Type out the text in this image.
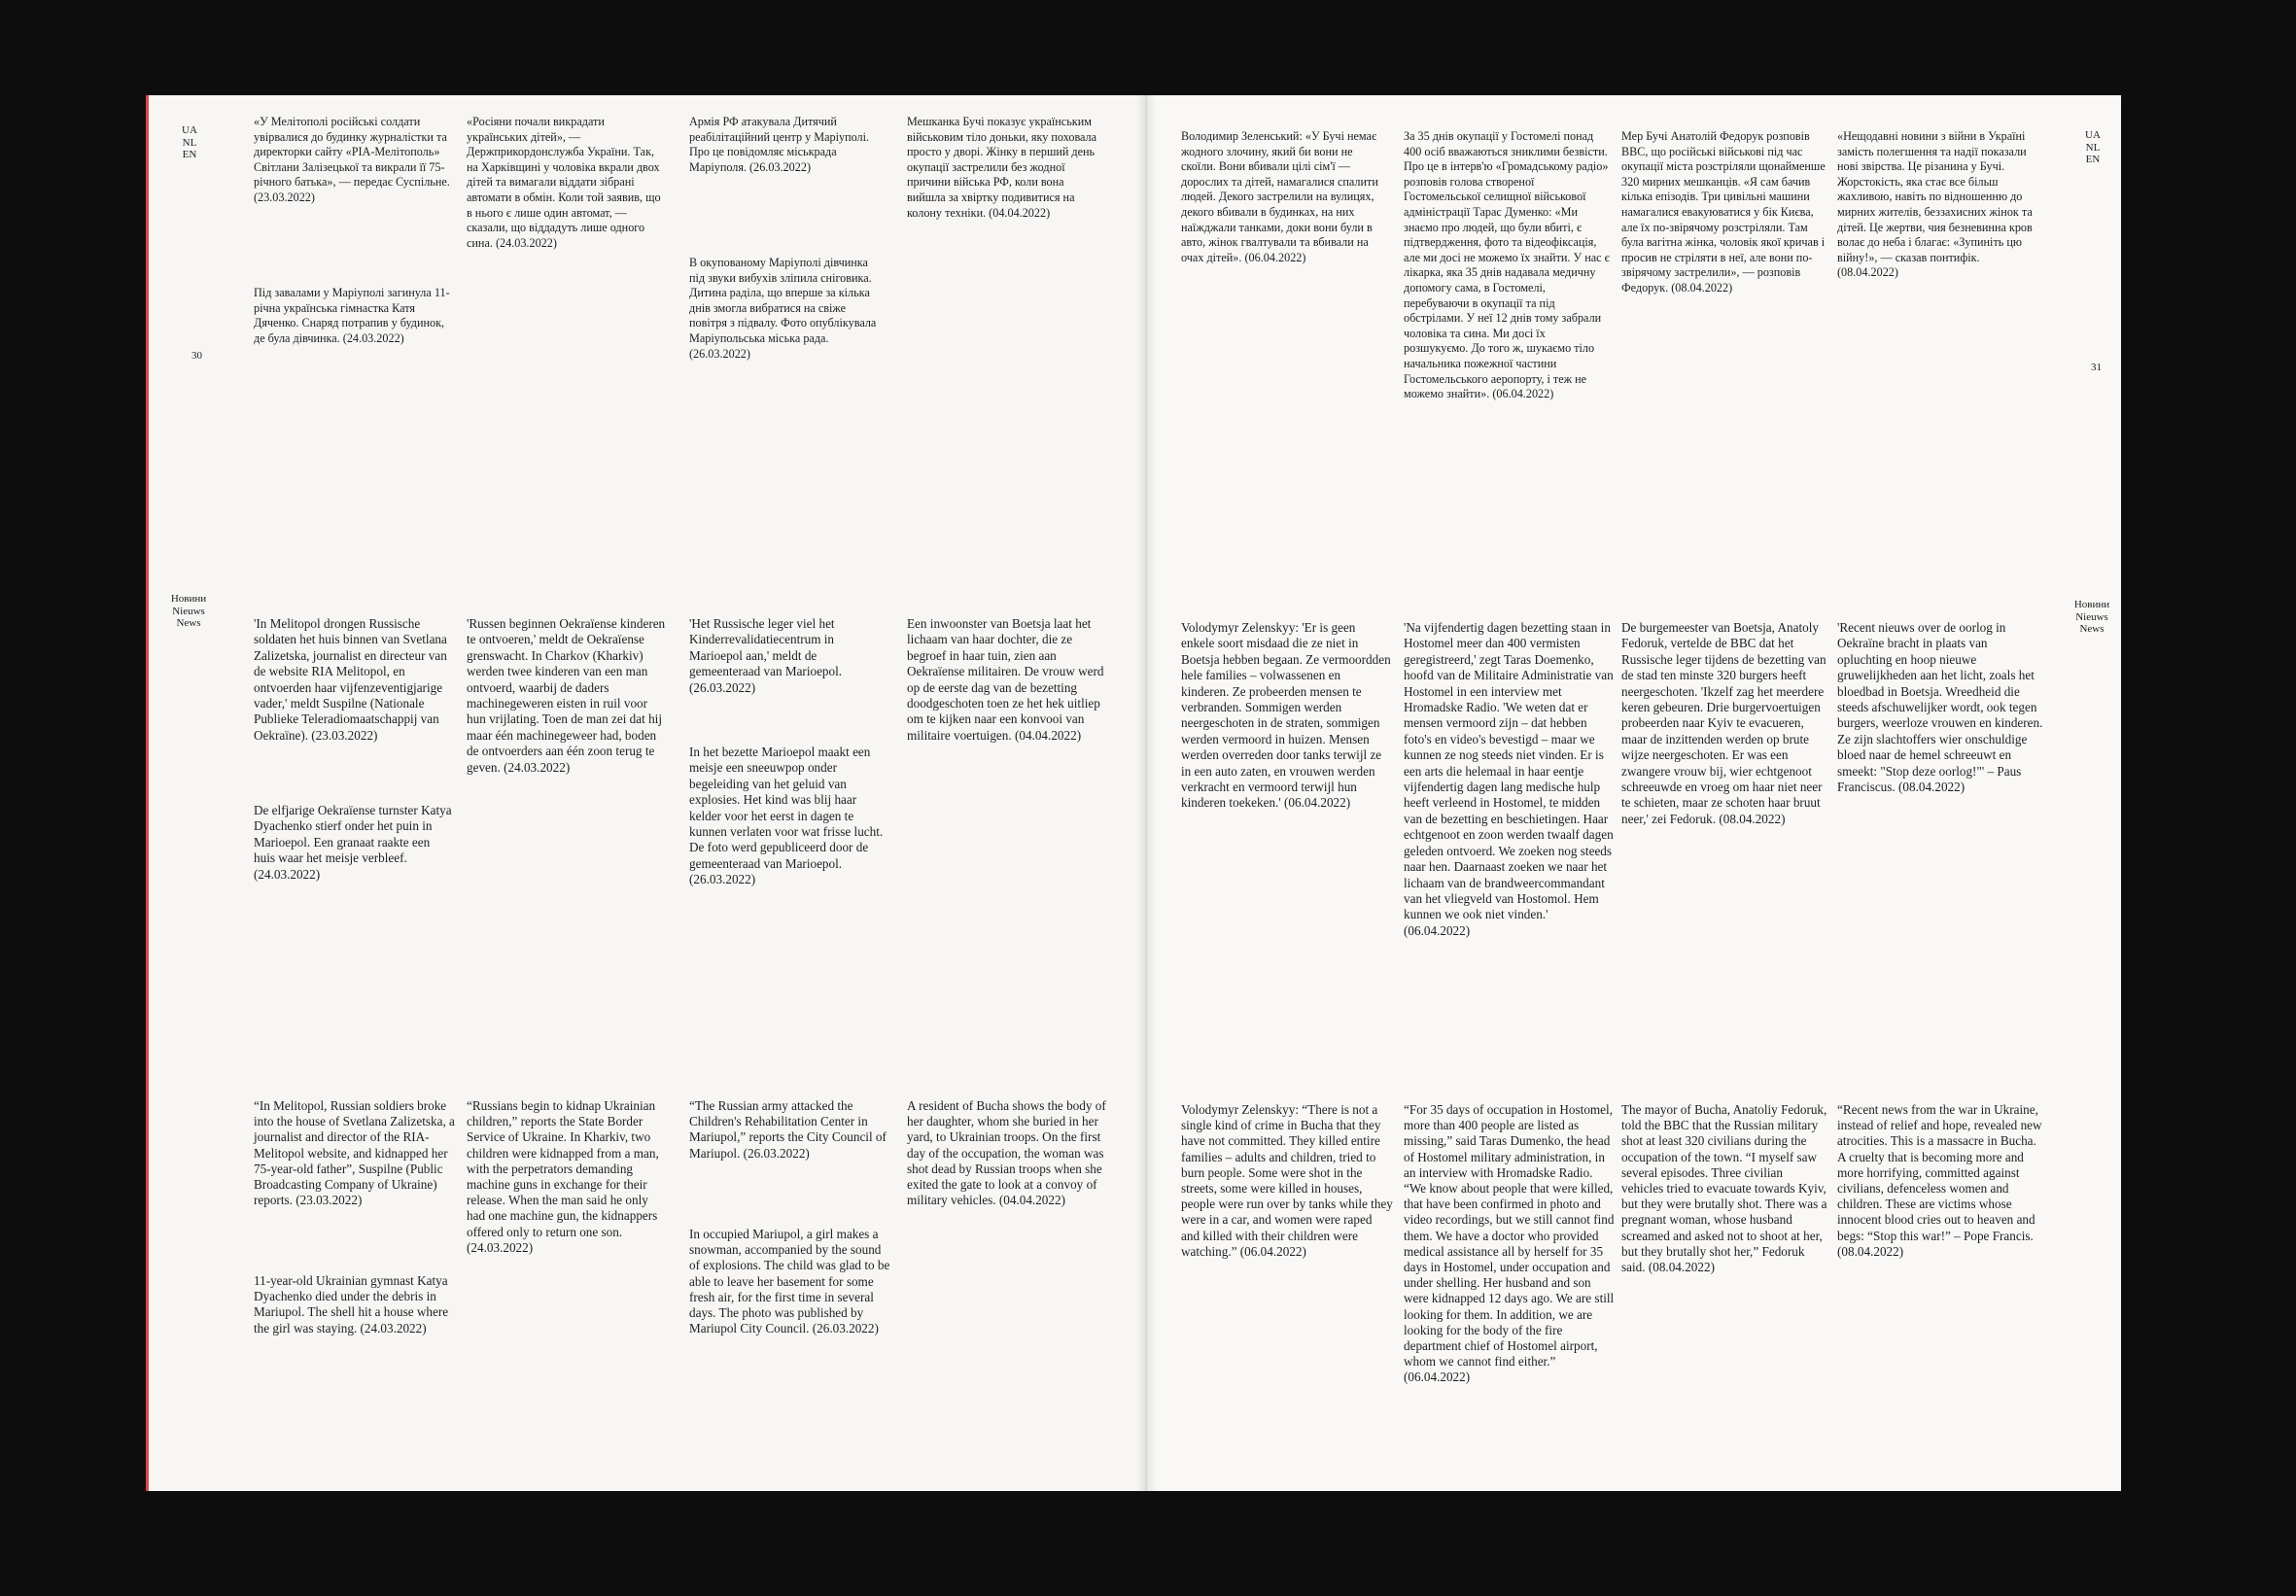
UA
NL
EN
30
Новини
Nieuws
News

«У Мелітополі російські солдати увірвалися до будинку журналістки та директорки сайту «РІА-Мелітополь» Світлани Залізецької та викрали її 75-річного батька», — передає Суспільне. (23.03.2022)

Під завалами у Маріуполі загинула 11-річна українська гімнастка Катя Дяченко. Снаряд потрапив у будинок, де була дівчинка. (24.03.2022)

«Росіяни почали викрадати українських дітей», — Держприкордонслужба України. Так, на Харківщині у чоловіка вкрали двох дітей та вимагали віддати зібрані автомати в обмін. Коли той заявив, що в нього є лише один автомат, — сказали, що віддадуть лише одного сина. (24.03.2022)

Армія РФ атакувала Дитячий реабілітаційний центр у Маріуполі. Про це повідомляє міськрада Маріуполя. (26.03.2022)

В окупованому Маріуполі дівчинка під звуки вибухів зліпила сніговика. Дитина раділа, що вперше за кілька днів змогла вибратися на свіже повітря з підвалу. Фото опублікувала Маріупольська міська рада. (26.03.2022)

Мешканка Бучі показує українським військовим тіло доньки, яку поховала просто у дворі. Жінку в перший день окупації застрелили без жодної причини війська РФ, коли вона вийшла за хвіртку подивитися на колону техніки. (04.04.2022)

'In Melitopol drongen Russische soldaten het huis binnen van Svetlana Zalizetska, journalist en directeur van de website RIA Melitopol, en ontvoerden haar vijfenzeventigjarige vader,' meldt Suspilne (Nationale Publieke Teleradiomaatschappij van Oekraïne). (23.03.2022)

De elfjarige Oekraïense turnster Katya Dyachenko stierf onder het puin in Marioepol. Een granaat raakte een huis waar het meisje verbleef. (24.03.2022)

'Russen beginnen Oekraïense kinderen te ontvoeren,' meldt de Oekraïense grenswacht. In Charkov (Kharkiv) werden twee kinderen van een man ontvoerd, waarbij de daders machinegeweren eisten in ruil voor hun vrijlating. Toen de man zei dat hij maar één machinegeweer had, boden de ontvoerders aan één zoon terug te geven. (24.03.2022)

'Het Russische leger viel het Kinderrevalidatiecentrum in Marioepol aan,' meldt de gemeenteraad van Marioepol. (26.03.2022)

In het bezette Marioepol maakt een meisje een sneeuwpop onder begeleiding van het geluid van explosies. Het kind was blij haar kelder voor het eerst in dagen te kunnen verlaten voor wat frisse lucht. De foto werd gepubliceerd door de gemeenteraad van Marioepol. (26.03.2022)

Een inwoonster van Boetsja laat het lichaam van haar dochter, die ze begroef in haar tuin, zien aan Oekraïense militairen. De vrouw werd op de eerste dag van de bezetting doodgeschoten toen ze het hek uitliep om te kijken naar een konvooi van militaire voertuigen. (04.04.2022)

“In Melitopol, Russian soldiers broke into the house of Svetlana Zalizetska, a journalist and director of the RIA-Melitopol website, and kidnapped her 75-year-old father”, Suspilne (Public Broadcasting Company of Ukraine) reports. (23.03.2022)

11-year-old Ukrainian gymnast Katya Dyachenko died under the debris in Mariupol. The shell hit a house where the girl was staying. (24.03.2022)

“Russians begin to kidnap Ukrainian children,” reports the State Border Service of Ukraine. In Kharkiv, two children were kidnapped from a man, with the perpetrators demanding machine guns in exchange for their release. When the man said he only had one machine gun, the kidnappers offered only to return one son. (24.03.2022)

“The Russian army attacked the Children's Rehabilitation Center in Mariupol,” reports the City Council of Mariupol. (26.03.2022)

In occupied Mariupol, a girl makes a snowman, accompanied by the sound of explosions. The child was glad to be able to leave her basement for some fresh air, for the first time in several days. The photo was published by Mariupol City Council. (26.03.2022)

A resident of Bucha shows the body of her daughter, whom she buried in her yard, to Ukrainian troops. On the first day of the occupation, the woman was shot dead by Russian troops when she exited the gate to look at a convoy of military vehicles. (04.04.2022)

Володимир Зеленський: «У Бучі немає жодного злочину, який би вони не скоїли. Вони вбивали цілі сім'ї — дорослих та дітей, намагалися спалити людей. Декого застрелили на вулицях, декого вбивали в будинках, на них наїжджали танками, доки вони були в авто, жінок гвалтували та вбивали на очах дітей». (06.04.2022)

За 35 днів окупації у Гостомелі понад 400 осіб вважаються зниклими безвісти. Про це в інтерв'ю «Громадському радіо» розповів голова створеної Гостомельської селищної військової адміністрації Тарас Думенко: «Ми знаємо про людей, що були вбиті, є підтвердження, фото та відеофіксація, але ми досі не можемо їх знайти. У нас є лікарка, яка 35 днів надавала медичну допомогу сама, в Гостомелі, перебуваючи в окупації та під обстрілами. У неї 12 днів тому забрали чоловіка та сина. Ми досі їх розшукуємо. До того ж, шукаємо тіло начальника пожежної частини Гостомельського аеропорту, і теж не можемо знайти». (06.04.2022)

Мер Бучі Анатолій Федорук розповів BBC, що російські військові під час окупації міста розстріляли щонайменше 320 мирних мешканців. «Я сам бачив кілька епізодів. Три цивільні машини намагалися евакуюватися у бік Києва, але їх по-звірячому розстріляли. Там була вагітна жінка, чоловік якої кричав і просив не стріляти в неї, але вони по-звірячому застрелили», — розповів Федорук. (08.04.2022)

«Нещодавні новини з війни в Україні замість полегшення та надії показали нові звірства. Це різанина у Бучі. Жорстокість, яка стає все більш жахливою, навіть по відношенню до мирних жителів, беззахисних жінок та дітей. Це жертви, чия безневинна кров волає до неба і благає: «Зупиніть цю війну!», — сказав понтифік. (08.04.2022)

Volodymyr Zelenskyy: 'Er is geen enkele soort misdaad die ze niet in Boetsja hebben begaan. Ze vermoordden hele families – volwassenen en kinderen. Ze probeerden mensen te verbranden. Sommigen werden neergeschoten in de straten, sommigen werden vermoord in huizen. Mensen werden overreden door tanks terwijl ze in een auto zaten, en vrouwen werden verkracht en vermoord terwijl hun kinderen toekeken.' (06.04.2022)

'Na vijfendertig dagen bezetting staan in Hostomel meer dan 400 vermisten geregistreerd,' zegt Taras Doemenko, hoofd van de Militaire Administratie van Hostomel in een interview met Hromadske Radio. 'We weten dat er mensen vermoord zijn – dat hebben foto's en video's bevestigd – maar we kunnen ze nog steeds niet vinden. Er is een arts die helemaal in haar eentje vijfendertig dagen lang medische hulp heeft verleend in Hostomel, te midden van de bezetting en beschietingen. Haar echtgenoot en zoon werden twaalf dagen geleden ontvoerd. We zoeken nog steeds naar hen. Daarnaast zoeken we naar het lichaam van de brandweercommandant van het vliegveld van Hostomol. Hem kunnen we ook niet vinden.' (06.04.2022)

De burgemeester van Boetsja, Anatoly Fedoruk, vertelde de BBC dat het Russische leger tijdens de bezetting van de stad ten minste 320 burgers heeft neergeschoten. 'Ikzelf zag het meerdere keren gebeuren. Drie burgervoertuigen probeerden naar Kyiv te evacueren, maar de inzittenden werden op brute wijze neergeschoten. Er was een zwangere vrouw bij, wier echtgenoot schreeuwde en vroeg om haar niet neer te schieten, maar ze schoten haar bruut neer,' zei Fedoruk. (08.04.2022)

'Recent nieuws over de oorlog in Oekraïne bracht in plaats van opluchting en hoop nieuwe gruwelijkheden aan het licht, zoals het bloedbad in Boetsja. Wreedheid die steeds afschuwelijker wordt, ook tegen burgers, weerloze vrouwen en kinderen. Ze zijn slachtoffers wier onschuldige bloed naar de hemel schreeuwt en smeekt: "Stop deze oorlog!"' – Paus Franciscus. (08.04.2022)

Volodymyr Zelenskyy: “There is not a single kind of crime in Bucha that they have not committed. They killed entire families – adults and children, tried to burn people. Some were shot in the streets, some were killed in houses, people were run over by tanks while they were in a car, and women were raped and killed with their children were watching.” (06.04.2022)

“For 35 days of occupation in Hostomel, more than 400 people are listed as missing,” said Taras Dumenko, the head of Hostomel military administration, in an interview with Hromadske Radio. “We know about people that were killed, that have been confirmed in photo and video recordings, but we still cannot find them. We have a doctor who provided medical assistance all by herself for 35 days in Hostomel, under occupation and under shelling. Her husband and son were kidnapped 12 days ago. We are still looking for them. In addition, we are looking for the body of the fire department chief of Hostomel airport, whom we cannot find either.” (06.04.2022)

The mayor of Bucha, Anatoliy Fedoruk, told the BBC that the Russian military shot at least 320 civilians during the occupation of the town. “I myself saw several episodes. Three civilian vehicles tried to evacuate towards Kyiv, but they were brutally shot. There was a pregnant woman, whose husband screamed and asked not to shoot at her, but they brutally shot her,” Fedoruk said. (08.04.2022)

“Recent news from the war in Ukraine, instead of relief and hope, revealed new atrocities. This is a massacre in Bucha. A cruelty that is becoming more and more horrifying, committed against civilians, defenceless women and children. These are victims whose innocent blood cries out to heaven and begs: “Stop this war!” – Pope Francis. (08.04.2022)

UA
NL
EN
31
Новини
Nieuws
News
